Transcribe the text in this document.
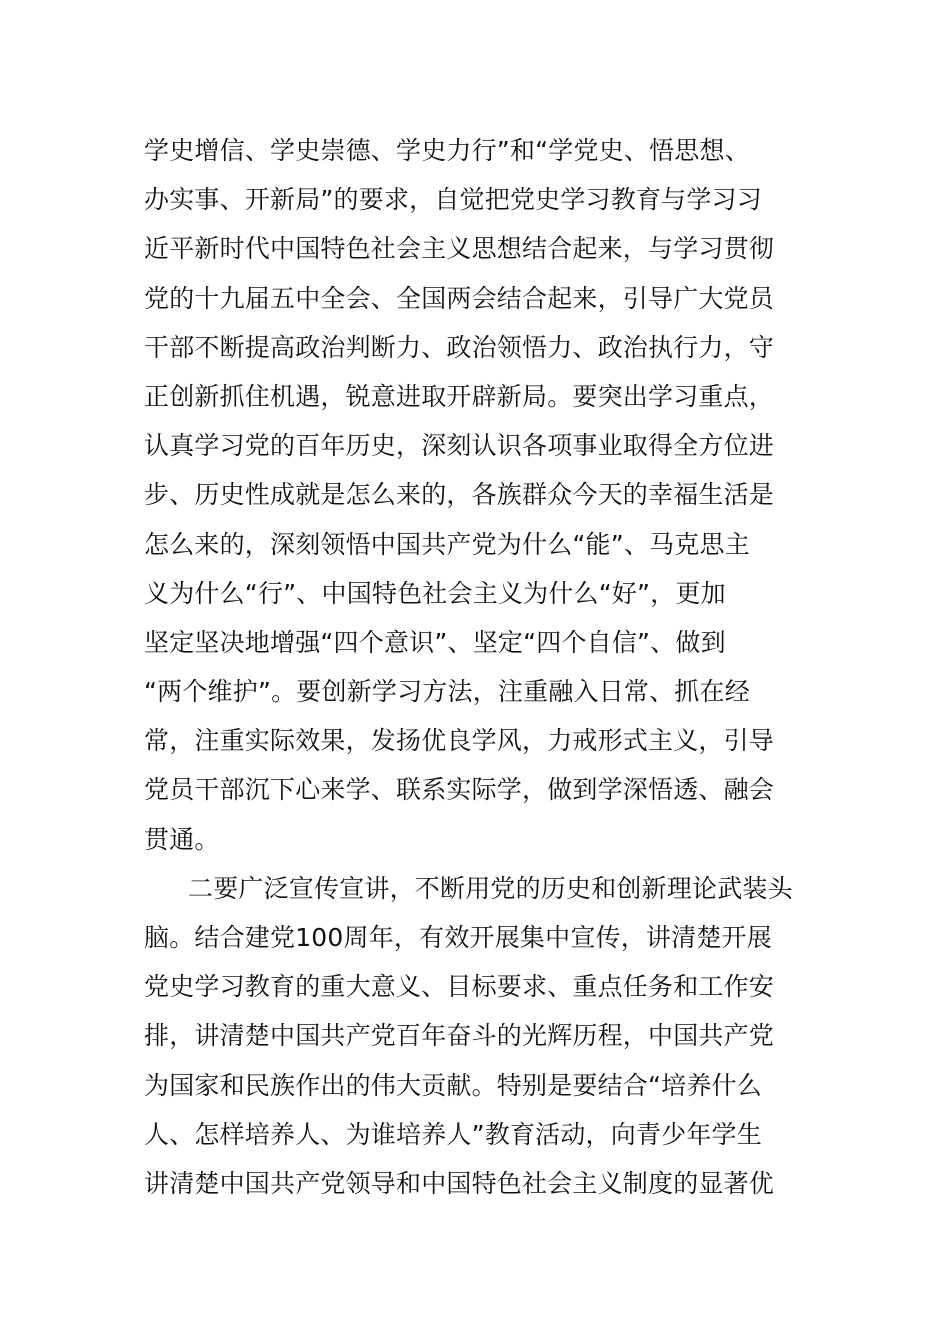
学史增信、学史崇德、学史力行”和“学党史、悟思想、
办实事、开新局”的要求，自觉把党史学习教育与学习习
近平新时代中国特色社会主义思想结合起来，与学习贯彻
党的十九届五中全会、全国两会结合起来，引导广大党员
干部不断提高政治判断力、政治领悟力、政治执行力，守
正创新抓住机遇，锐意进取开辟新局。要突出学习重点，
认真学习党的百年历史，深刻认识各项事业取得全方位进
步、历史性成就是怎么来的，各族群众今天的幸福生活是
怎么来的，深刻领悟中国共产党为什么“能”、马克思主
义为什么“行”、中国特色社会主义为什么“好”，更加
坚定坚决地增强“四个意识”、坚定“四个自信”、做到
“两个维护”。要创新学习方法，注重融入日常、抓在经
常，注重实际效果，发扬优良学风，力戒形式主义，引导
党员干部沉下心来学、联系实际学，做到学深悟透、融会
贯通。
二要广泛宣传宣讲，不断用党的历史和创新理论武装头
脑。结合建党100周年，有效开展集中宣传，讲清楚开展
党史学习教育的重大意义、目标要求、重点任务和工作安
排，讲清楚中国共产党百年奋斗的光辉历程，中国共产党
为国家和民族作出的伟大贡献。特别是要结合“培养什么
人、怎样培养人、为谁培养人”教育活动，向青少年学生
讲清楚中国共产党领导和中国特色社会主义制度的显著优
